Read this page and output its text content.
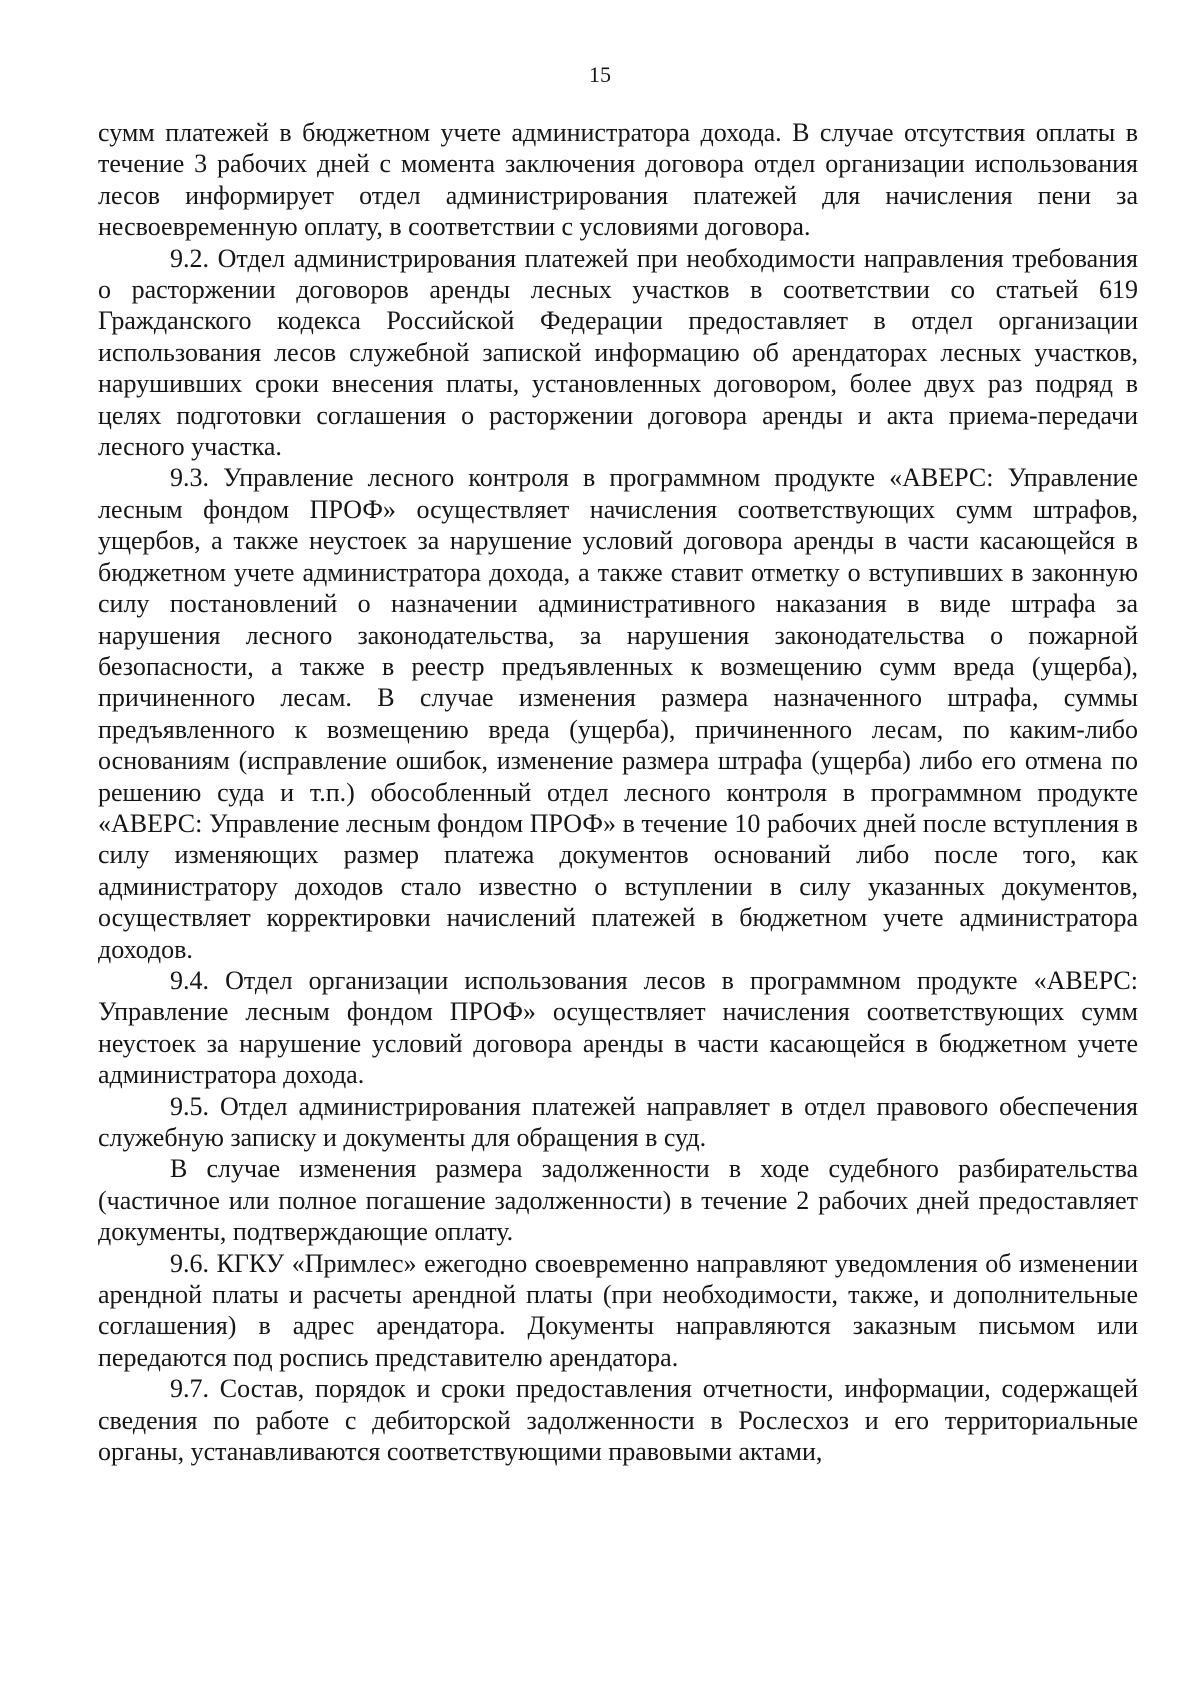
15

сумм платежей в бюджетном учете администратора дохода. В случае отсутствия оплаты в течение 3 рабочих дней с момента заключения договора отдел организации использования лесов информирует отдел администрирования платежей для начисления пени за несвоевременную оплату, в соответствии с условиями договора.

9.2. Отдел администрирования платежей при необходимости направления требования о расторжении договоров аренды лесных участков в соответствии со статьей 619 Гражданского кодекса Российской Федерации предоставляет в отдел организации использования лесов служебной запиской информацию об арендаторах лесных участков, нарушивших сроки внесения платы, установленных договором, более двух раз подряд в целях подготовки соглашения о расторжении договора аренды и акта приема-передачи лесного участка.

9.3. Управление лесного контроля в программном продукте «АВЕРС: Управление лесным фондом ПРОФ» осуществляет начисления соответствующих сумм штрафов, ущербов, а также неустоек за нарушение условий договора аренды в части касающейся в бюджетном учете администратора дохода, а также ставит отметку о вступивших в законную силу постановлений о назначении административного наказания в виде штрафа за нарушения лесного законодательства, за нарушения законодательства о пожарной безопасности, а также в реестр предъявленных к возмещению сумм вреда (ущерба), причиненного лесам. В случае изменения размера назначенного штрафа, суммы предъявленного к возмещению вреда (ущерба), причиненного лесам, по каким-либо основаниям (исправление ошибок, изменение размера штрафа (ущерба) либо его отмена по решению суда и т.п.) обособленный отдел лесного контроля в программном продукте «АВЕРС: Управление лесным фондом ПРОФ» в течение 10 рабочих дней после вступления в силу изменяющих размер платежа документов оснований либо после того, как администратору доходов стало известно о вступлении в силу указанных документов, осуществляет корректировки начислений платежей в бюджетном учете администратора доходов.

9.4. Отдел организации использования лесов в программном продукте «АВЕРС: Управление лесным фондом ПРОФ» осуществляет начисления соответствующих сумм неустоек за нарушение условий договора аренды в части касающейся в бюджетном учете администратора дохода.

9.5. Отдел администрирования платежей направляет в отдел правового обеспечения служебную записку и документы для обращения в суд.

В случае изменения размера задолженности в ходе судебного разбирательства (частичное или полное погашение задолженности) в течение 2 рабочих дней предоставляет документы, подтверждающие оплату.

9.6. КГКУ «Примлес» ежегодно своевременно направляют уведомления об изменении арендной платы и расчеты арендной платы (при необходимости, также, и дополнительные соглашения) в адрес арендатора. Документы направляются заказным письмом или передаются под роспись представителю арендатора.

9.7. Состав, порядок и сроки предоставления отчетности, информации, содержащей сведения по работе с дебиторской задолженности в Рослесхоз и его территориальные органы, устанавливаются соответствующими правовыми актами,
